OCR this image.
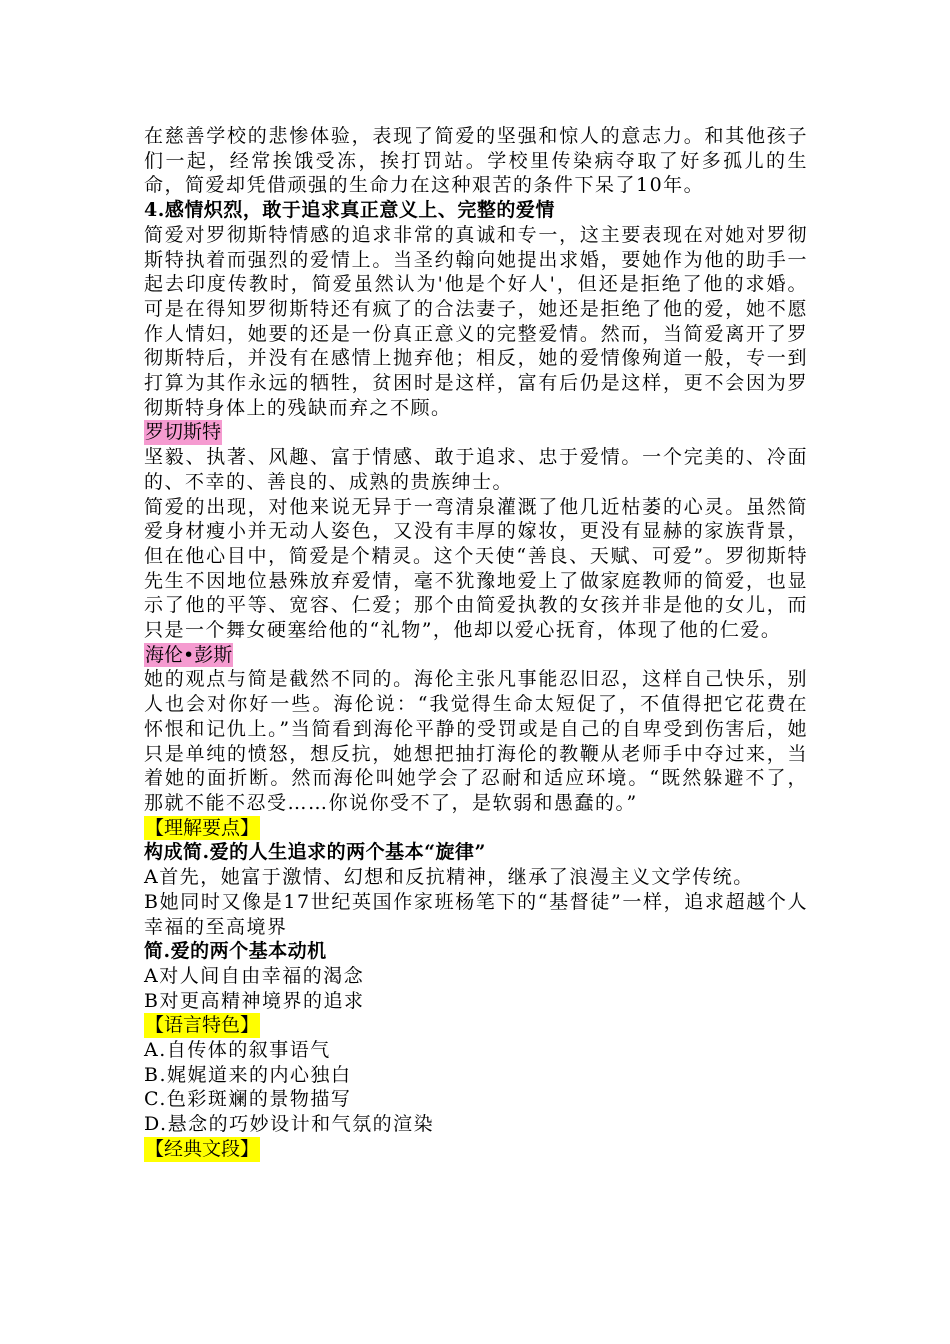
在慈善学校的悲惨体验，表现了简爱的坚强和惊人的意志力。和其他孩子们一起，经常挨饿受冻，挨打罚站。学校里传染病夺取了好多孤儿的生命，简爱却凭借顽强的生命力在这种艰苦的条件下呆了10年。

4.感情炽烈，敢于追求真正意义上、完整的爱情

简爱对罗彻斯特情感的追求非常的真诚和专一，这主要表现在对她对罗彻斯特执着而强烈的爱情上。当圣约翰向她提出求婚，要她作为他的助手一起去印度传教时，简爱虽然认为'他是个好人'，但还是拒绝了他的求婚。可是在得知罗彻斯特还有疯了的合法妻子，她还是拒绝了他的爱，她不愿作人情妇，她要的还是一份真正意义的完整爱情。然而，当简爱离开了罗彻斯特后，并没有在感情上抛弃他；相反，她的爱情像殉道一般，专一到打算为其作永远的牺牲，贫困时是这样，富有后仍是这样，更不会因为罗彻斯特身体上的残缺而弃之不顾。

罗切斯特

坚毅、执著、风趣、富于情感、敢于追求、忠于爱情。一个完美的、冷面的、不幸的、善良的、成熟的贵族绅士。

简爱的出现，对他来说无异于一弯清泉灌溉了他几近枯萎的心灵。虽然简爱身材瘦小并无动人姿色，又没有丰厚的嫁妆，更没有显赫的家族背景，但在他心目中，简爱是个精灵。这个天使“善良、天赋、可爱”。罗彻斯特先生不因地位悬殊放弃爱情，毫不犹豫地爱上了做家庭教师的简爱，也显示了他的平等、宽容、仁爱；那个由简爱执教的女孩并非是他的女儿，而只是一个舞女硬塞给他的“礼物”，他却以爱心抚育，体现了他的仁爱。

海伦•彭斯

她的观点与简是截然不同的。海伦主张凡事能忍旧忍，这样自己快乐，别人也会对你好一些。海伦说：“我觉得生命太短促了，不值得把它花费在怀恨和记仇上。”当简看到海伦平静的受罚或是自己的自卑受到伤害后，她只是单纯的愤怒，想反抗，她想把抽打海伦的教鞭从老师手中夺过来，当着她的面折断。然而海伦叫她学会了忍耐和适应环境。“既然躲避不了，那就不能不忍受……你说你受不了，是软弱和愚蠢的。”

【理解要点】

构成简.爱的人生追求的两个基本“旋律”

A首先，她富于激情、幻想和反抗精神，继承了浪漫主义文学传统。

B她同时又像是17世纪英国作家班杨笔下的“基督徒”一样，追求超越个人幸福的至高境界

简.爱的两个基本动机

A对人间自由幸福的渴念

B对更高精神境界的追求

【语言特色】

A.自传体的叙事语气

B.娓娓道来的内心独白

C.色彩斑斓的景物描写

D.悬念的巧妙设计和气氛的渲染

【经典文段】
